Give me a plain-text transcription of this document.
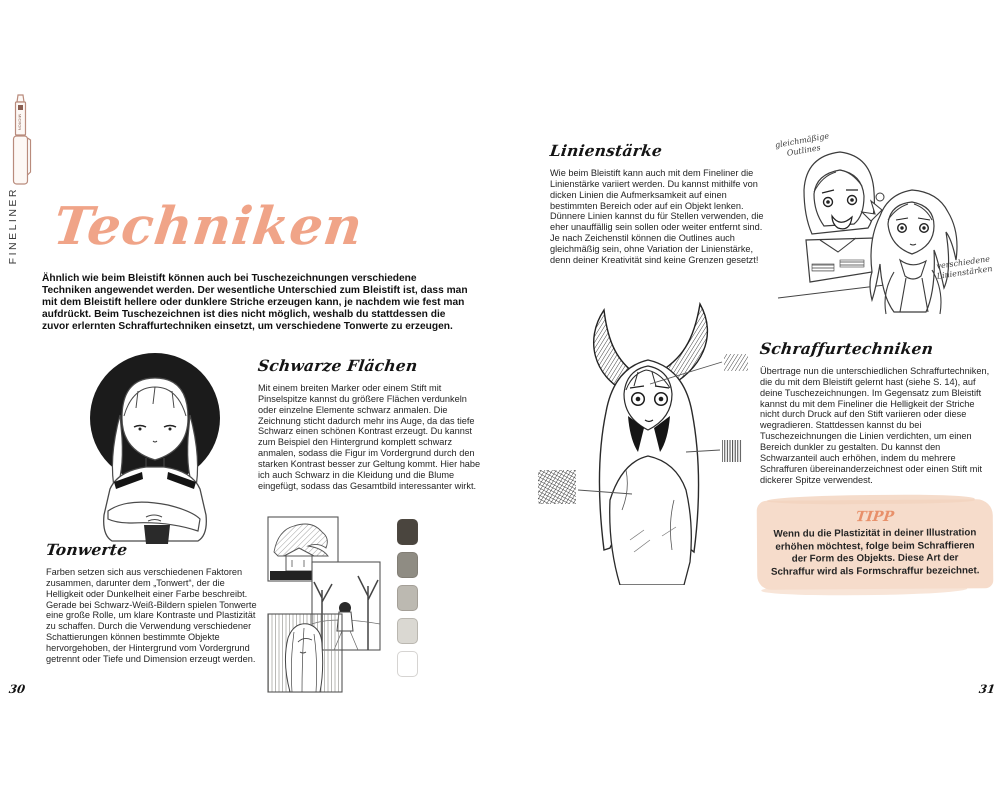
MICRON
FINELINER Techniken

Ähnlich wie beim Bleistift können auch bei Tuschezeichnungen verschiedene Techniken angewendet werden. Der wesentliche Unterschied zum Bleistift ist, dass man mit dem Bleistift hellere oder dunklere Striche erzeugen kann, je nachdem wie fest man aufdrückt. Beim Tuschezeichnen ist dies nicht möglich, weshalb du stattdessen die zuvor erlernten Schraffurtechniken einsetzt, um verschiedene Tonwerte zu erzeugen.

Schwarze Flächen

Mit einem breiten Marker oder einem Stift mit Pinselspitze kannst du größere Flächen verdunkeln oder einzelne Elemente schwarz anmalen. Die Zeichnung sticht dadurch mehr ins Auge, da das tiefe Schwarz einen schönen Kontrast erzeugt. Du kannst zum Beispiel den Hintergrund komplett schwarz anmalen, sodass die Figur im Vordergrund durch den starken Kontrast besser zur Geltung kommt. Hier habe ich auch Schwarz in die Kleidung und die Blume eingefügt, sodass das Gesamtbild interessanter wirkt.

Tonwerte

Farben setzen sich aus verschiedenen Faktoren zusammen, darunter dem „Tonwert“, der die Helligkeit oder Dunkelheit einer Farbe beschreibt. Gerade bei Schwarz-Weiß-Bildern spielen Tonwerte eine große Rolle, um klare Kontraste und Plastizität zu schaffen. Durch die Verwendung verschiedener Schattierungen können bestimmte Objekte hervorgehoben, der Hintergrund vom Vordergrund getrennt oder Tiefe und Dimension erzeugt werden.

30
Linienstärke

Wie beim Bleistift kann auch mit dem Fineliner die Linienstärke variiert werden. Du kannst mithilfe von dicken Linien die Aufmerksamkeit auf einen bestimmten Bereich oder auf ein Objekt lenken. Dünnere Linien kannst du für Stellen verwenden, die eher unauffällig sein sollen oder weiter entfernt sind. Je nach Zeichenstil können die Outlines auch gleichmäßig sein, ohne Variation der Linienstärke, denn deiner Kreativität sind keine Grenzen gesetzt!

gleichmäßige Outlines
verschiedene Linienstärken
Schraffurtechniken

Übertrage nun die unterschiedlichen Schraffurtechniken, die du mit dem Bleistift gelernt hast (siehe S. 14), auf deine Tuschezeichnungen. Im Gegensatz zum Bleistift kannst du mit dem Fineliner die Helligkeit der Striche nicht durch Druck auf den Stift variieren oder diese wegradieren. Stattdessen kannst du bei Tuschezeichnungen die Linien verdichten, um einen Bereich dunkler zu gestalten. Du kannst den Schwarzanteil auch erhöhen, indem du mehrere Schraffuren übereinanderzeichnest oder einen Stift mit dickerer Spitze verwendest.

TIPP

Wenn du die Plastizität in deiner Illustration erhöhen möchtest, folge beim Schraffieren der Form des Objekts. Diese Art der Schraffur wird als Formschraffur bezeichnet.

31
